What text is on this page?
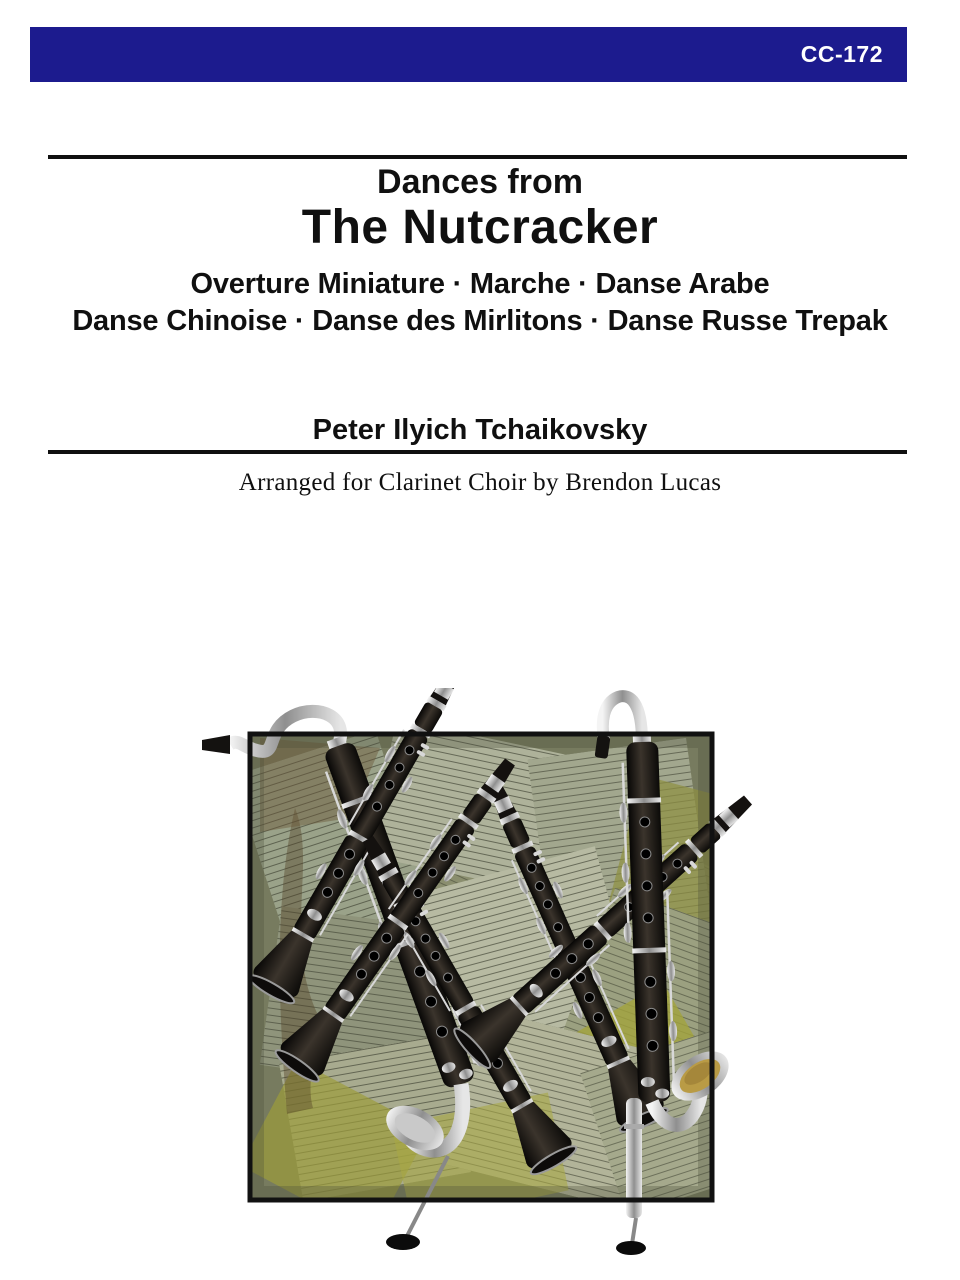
CC-172
Dances from
The Nutcracker
Overture Miniature · Marche · Danse Arabe
Danse Chinoise · Danse des Mirlitons · Danse Russe Trepak
Peter Ilyich Tchaikovsky
Arranged for Clarinet Choir by Brendon Lucas
